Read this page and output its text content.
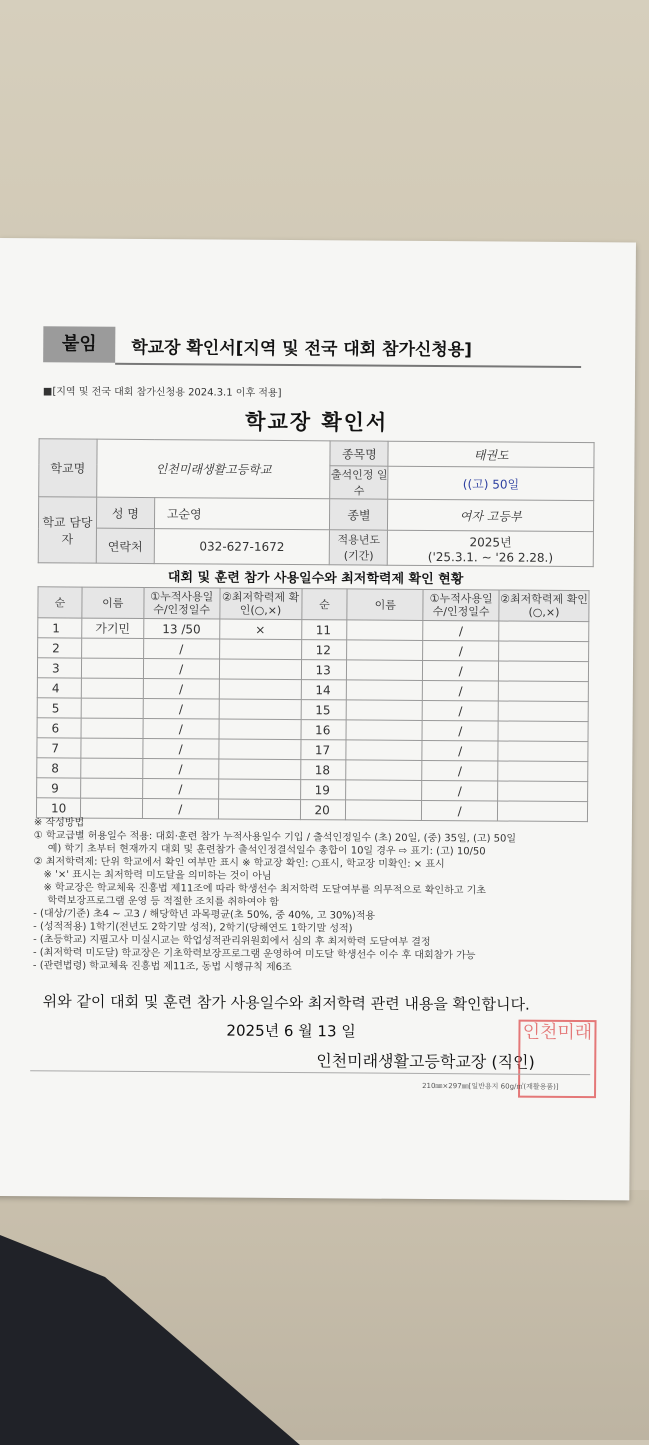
붙임	학교장 확인서[지역 및 전국 대회 참가신청용]
■[지역 및 전국 대회 참가신청용 2024.3.1 이후 적용]
학교장 확인서
학교명	인천미래생활고등학교		종목명	태권도
			출석인정 일수	((고) 50일
학교 담당자	성 명	고순영	종별	여자 고등부
	연락처	032-627-1672	적용년도 (기간)	2025년
('25.3.1. ~ '26 2.28.)
대회 및 훈련 참가 사용일수와 최저학력제 확인 현황
순	이름	①누적사용일수/인정일수	②최저학력제 확인(○,×)	순	이름	①누적사용일수/인정일수	②최저학력제 확인(○,×)
1	가기민	13 /50	×	11		/	
2		/		12		/	
3		/		13		/	
4		/		14		/	
5		/		15		/	
6		/		16		/	
7		/		17		/	
8		/		18		/	
9		/		19		/	
10		/		20		/	
※ 작성방법
① 학교급별 허용일수 적용: 대회·훈련 참가 누적사용일수 기입 / 출석인정일수 (초) 20일, (중) 35일, (고) 50일
예) 학기 초부터 현재까지 대회 및 훈련참가 출석인정결석일수 총합이 10일 경우 ⇨ 표기: (고) 10/50
② 최저학력제: 단위 학교에서 확인 여부만 표시 ※ 학교장 확인: ○표시, 학교장 미확인: × 표시
※ '×' 표시는 최저학력 미도달을 의미하는 것이 아님
※ 학교장은 학교체육 진흥법 제11조에 따라 학생선수 최저학력 도달여부를 의무적으로 확인하고 기초
학력보장프로그램 운영 등 적절한 조치를 취하여야 함
- (대상/기준) 초4 ~ 고3 / 해당학년 과목평균(초 50%, 중 40%, 고 30%)적용
- (성적적용) 1학기(전년도 2학기말 성적), 2학기(당해연도 1학기말 성적)
- (초등학교) 지필고사 미실시교는 학업성적관리위원회에서 심의 후 최저학력 도달여부 결정
- (최저학력 미도달) 학교장은 기초학력보장프로그램 운영하여 미도달 학생선수 이수 후 대회참가 가능
- (관련법령) 학교체육 진흥법 제11조, 동법 시행규칙 제6조
위와 같이 대회 및 훈련 참가 사용일수와 최저학력 관련 내용을 확인합니다.
2025년 6 월 13 일
인천미래생활고등학교장 (직인)
인천미래
210㎜×297㎜[일반용지 60g/㎡(재활용품)]
